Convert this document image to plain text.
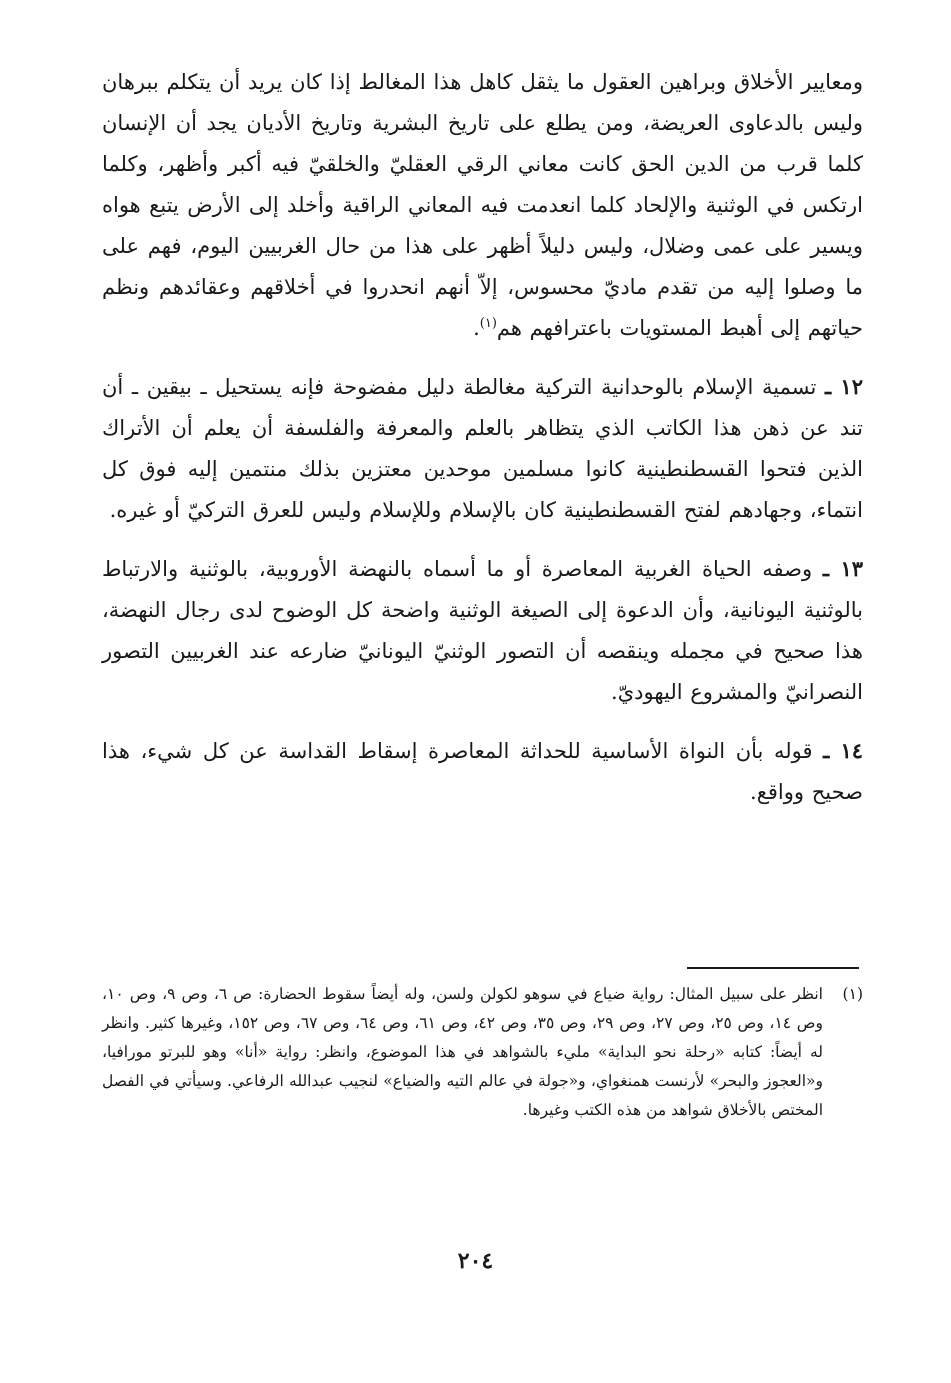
ومعايير الأخلاق وبراهين العقول ما يثقل كاهل هذا المغالط إذا كان يريد أن يتكلم ببرهان وليس بالدعاوى العريضة، ومن يطلع على تاريخ البشرية وتاريخ الأديان يجد أن الإنسان كلما قرب من الدين الحق كانت معاني الرقي العقليّ والخلقيّ فيه أكبر وأظهر، وكلما ارتكس في الوثنية والإلحاد كلما انعدمت فيه المعاني الراقية وأخلد إلى الأرض يتبع هواه ويسير على عمى وضلال، وليس دليلاً أظهر على هذا من حال الغربيين اليوم، فهم على ما وصلوا إليه من تقدم ماديّ محسوس، إلاّ أنهم انحدروا في أخلاقهم وعقائدهم ونظم حياتهم إلى أهبط المستويات باعترافهم هم$^{(١)}$.

١٢ ـ تسمية الإسلام بالوحدانية التركية مغالطة دليل مفضوحة فإنه يستحيل ـ بيقين ـ أن تند عن ذهن هذا الكاتب الذي يتظاهر بالعلم والمعرفة والفلسفة أن يعلم أن الأتراك الذين فتحوا القسطنطينية كانوا مسلمين موحدين معتزين بذلك منتمين إليه فوق كل انتماء، وجهادهم لفتح القسطنطينية كان بالإسلام وللإسلام وليس للعرق التركيّ أو غيره.

١٣ ـ وصفه الحياة الغربية المعاصرة أو ما أسماه بالنهضة الأوروبية، بالوثنية والارتباط بالوثنية اليونانية، وأن الدعوة إلى الصيغة الوثنية واضحة كل الوضوح لدى رجال النهضة، هذا صحيح في مجمله وينقصه أن التصور الوثنيّ اليونانيّ ضارعه عند الغربيين التصور النصرانيّ والمشروع اليهوديّ.

١٤ ـ قوله بأن النواة الأساسية للحداثة المعاصرة إسقاط القداسة عن كل شيء، هذا صحيح وواقع.

(١)
انظر على سبيل المثال: رواية ضياع في سوهو لكولن ولسن، وله أيضاً سقوط الحضارة: ص ٦، وص ٩، وص ١٠، وص ١٤، وص ٢٥، وص ٢٧، وص ٢٩، وص ٣٥، وص ٤٢، وص ٦١، وص ٦٤، وص ٦٧، وص ١٥٢، وغيرها كثير. وانظر له أيضاً: كتابه «رحلة نحو البداية» مليء بالشواهد في هذا الموضوع، وانظر: رواية «أنا» وهو للبرتو مورافيا، و«العجوز والبحر» لأرنست همنغواي، و«جولة في عالم التيه والضياع» لنجيب عبدالله الرفاعي. وسيأتي في الفصل المختص بالأخلاق شواهد من هذه الكتب وغيرها.
٢٠٤
